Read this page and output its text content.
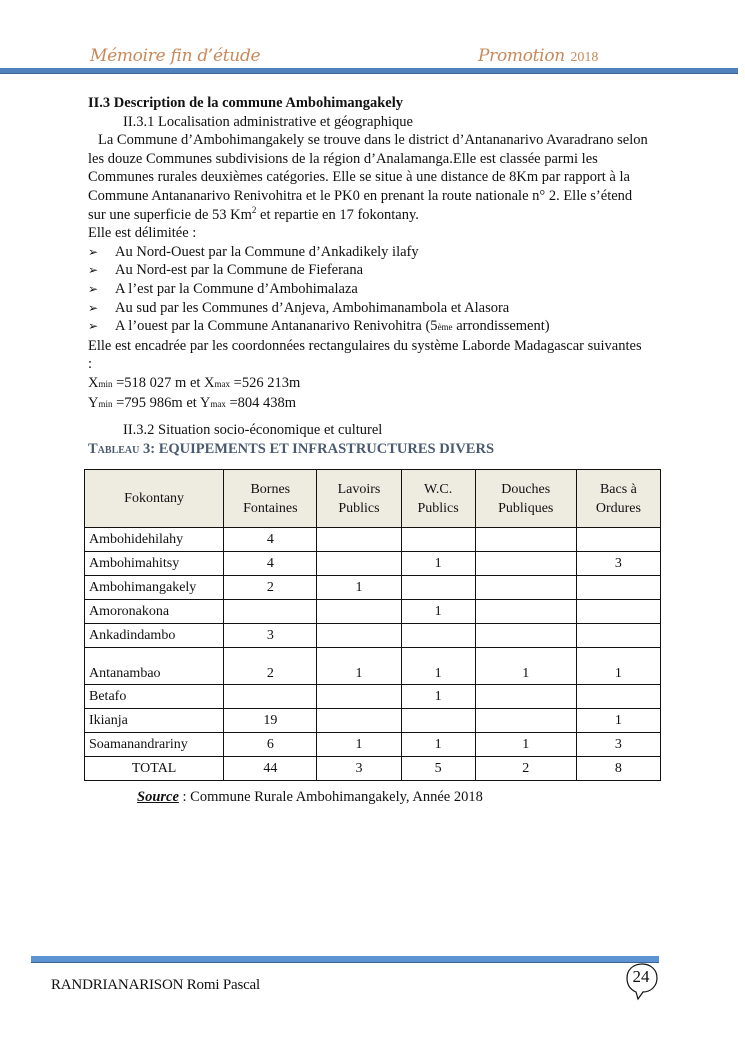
Mémoire fin d’étude	Promotion 2018
II.3 Description de la commune Ambohimangakely
II.3.1 Localisation administrative et géographique
La Commune d’Ambohimangakely se trouve dans le district d’Antananarivo Avaradrano selon les douze Communes subdivisions de la région d’Analamanga.Elle est classée parmi les Communes rurales deuxièmes catégories. Elle se situe à une distance de 8Km par rapport à la Commune Antananarivo Renivohitra et le PK0 en prenant la route nationale n° 2. Elle s’étend sur une superficie de 53 Km$^2$ et repartie en 17 fokontany.
Elle est délimitée :
➢ Au Nord-Ouest par la Commune d’Ankadikely ilafy
➢ Au Nord-est par la Commune de Fieferana
➢ A l’est par la Commune d’Ambohimalaza
➢ Au sud par les Communes d’Anjeva, Ambohimanambola et Alasora
➢ A l’ouest par la Commune Antananarivo Renivohitra (5ème arrondissement)
Elle est encadrée par les coordonnées rectangulaires du système Laborde Madagascar suivantes :
Xmin =518 027 m et Xmax =526 213m
Ymin =795 986m et Ymax =804 438m
II.3.2 Situation socio-économique et culturel
Tableau 3: EQUIPEMENTS ET INFRASTRUCTURES DIVERS
Fokontany	Bornes Fontaines	Lavoirs Publics	W.C. Publics	Douches Publiques	Bacs à Ordures
Ambohidehilahy	4				
Ambohimahitsy	4		1		3
Ambohimangakely	2	1			
Amoronakona			1		
Ankadindambo	3				
Antanambao	2	1	1	1	1
Betafo			1		
Ikianja	19				1
Soamanandrariny	6	1	1	1	3
TOTAL	44	3	5	2	8
Source : Commune Rurale Ambohimangakely, Année 2018
RANDRIANARISON Romi Pascal	24
